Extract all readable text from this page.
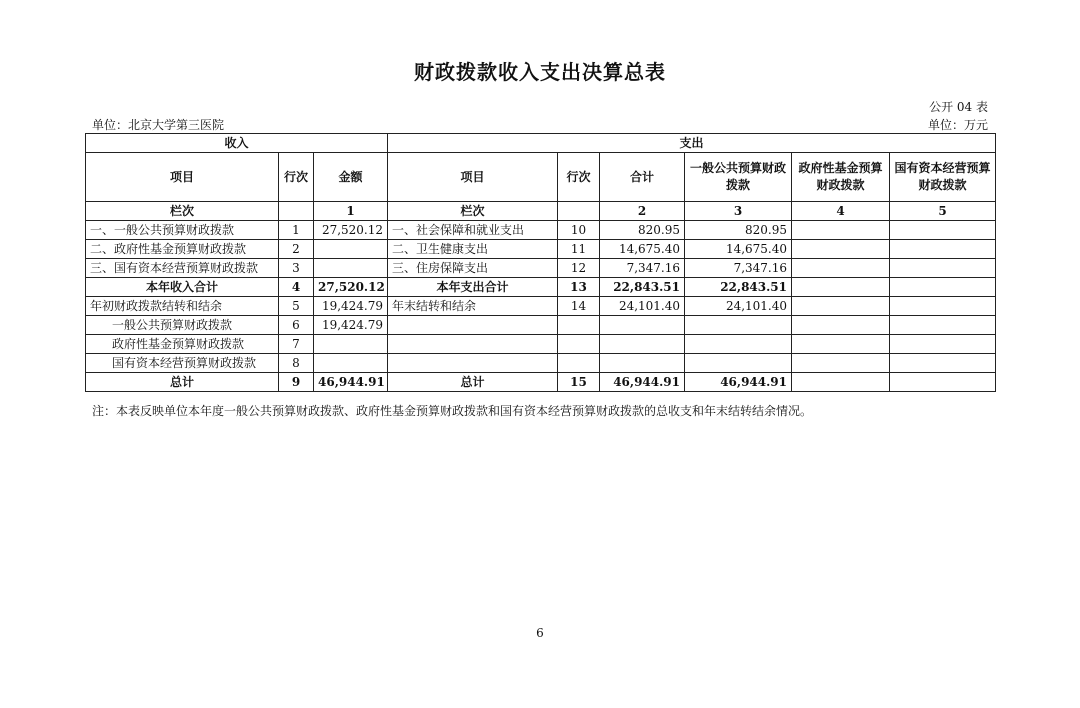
财政拨款收入支出决算总表
公开 04 表
单位：北京大学第三医院	单位：万元
收入			支出					
项目	行次	金额	项目	行次	合计	一般公共预算财政拨款	政府性基金预算财政拨款	国有资本经营预算财政拨款
栏次		1	栏次		2	3	4	5
一、一般公共预算财政拨款	1	27,520.12	一、社会保障和就业支出	10	820.95	820.95		
二、政府性基金预算财政拨款	2		二、卫生健康支出	11	14,675.40	14,675.40		
三、国有资本经营预算财政拨款	3		三、住房保障支出	12	7,347.16	7,347.16		
本年收入合计	4	27,520.12	本年支出合计	13	22,843.51	22,843.51		
年初财政拨款结转和结余	5	19,424.79	年末结转和结余	14	24,101.40	24,101.40		
一般公共预算财政拨款	6	19,424.79						
政府性基金预算财政拨款	7							
国有资本经营预算财政拨款	8							
总计	9	46,944.91	总计	15	46,944.91	46,944.91		
注：本表反映单位本年度一般公共预算财政拨款、政府性基金预算财政拨款和国有资本经营预算财政拨款的总收支和年末结转结余情况。
6
